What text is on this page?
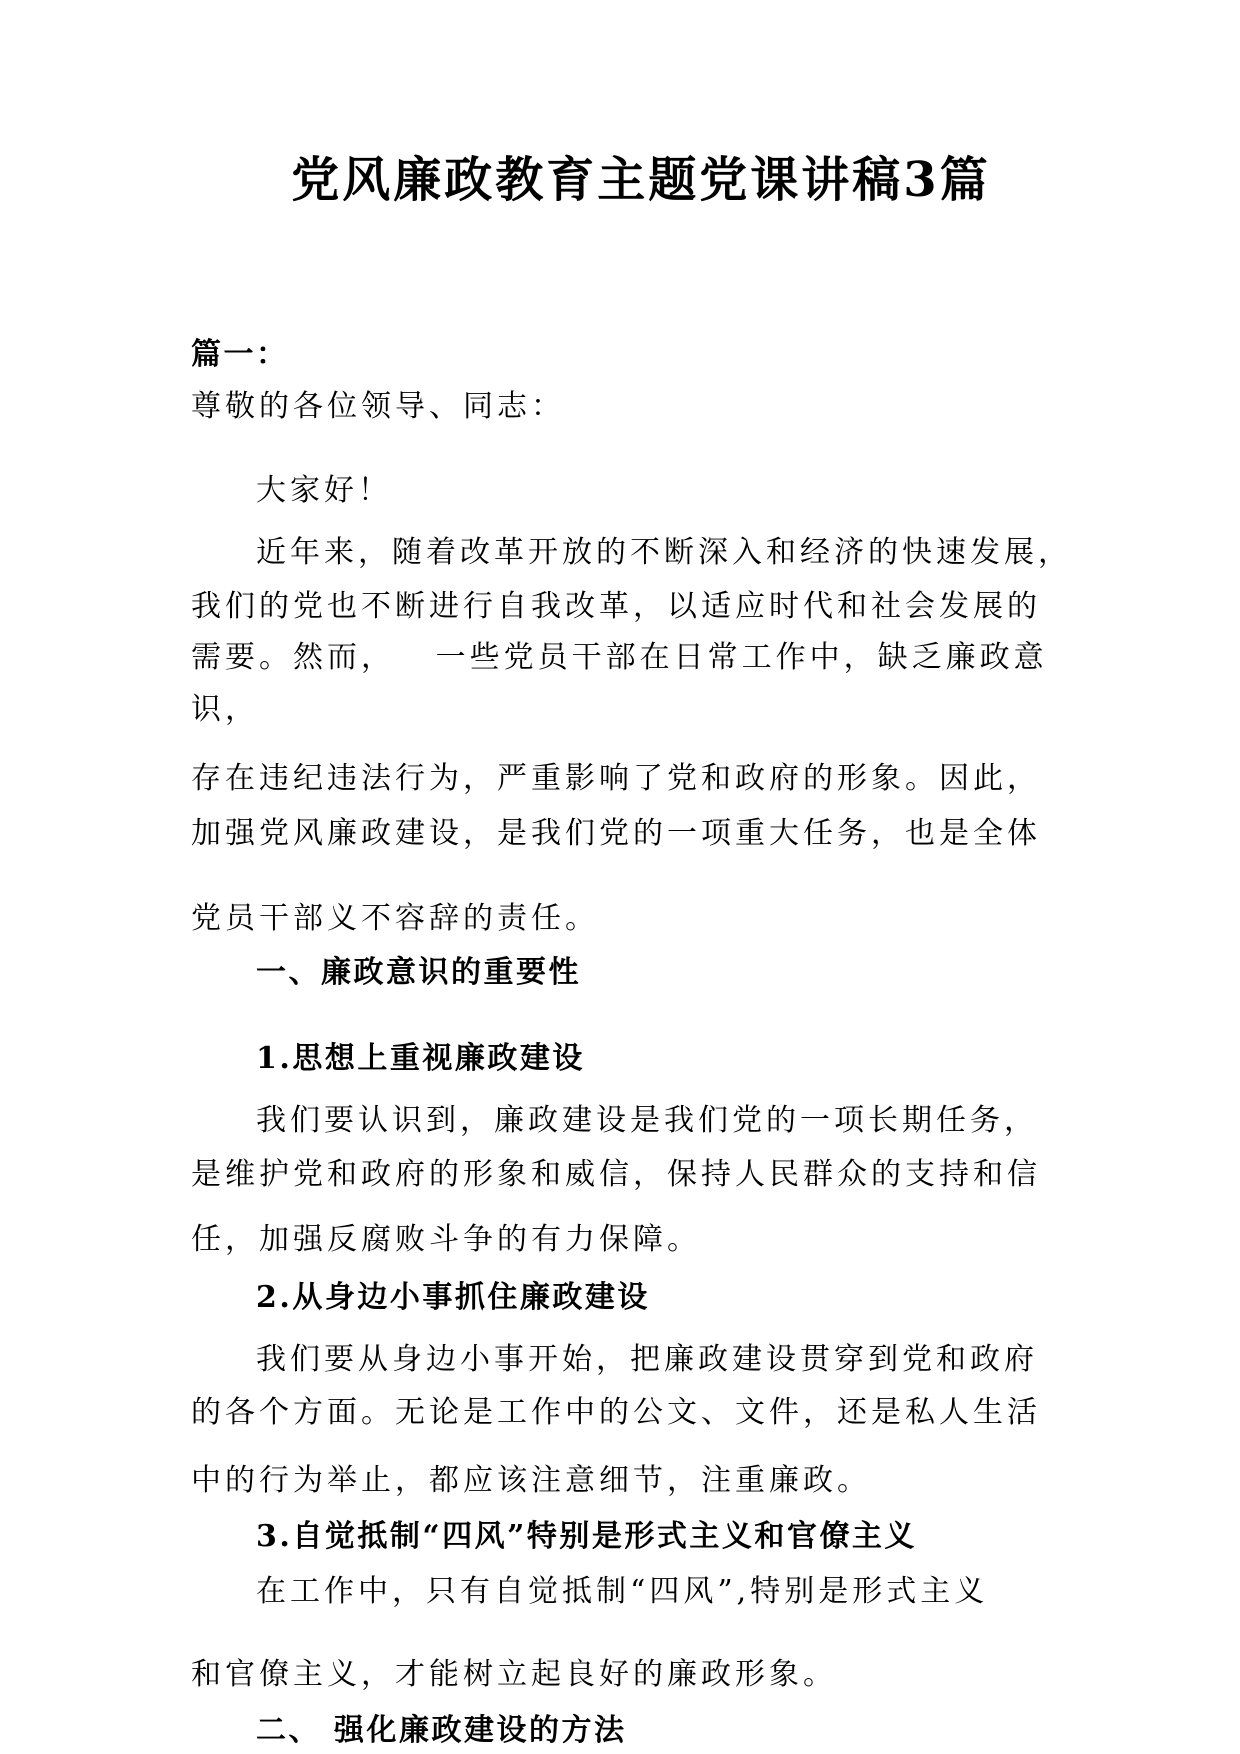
党风廉政教育主题党课讲稿3篇
篇一：
尊敬的各位领导、同志：
大家好！
近年来，随着改革开放的不断深入和经济的快速发展，
我们的党也不断进行自我改革，以适应时代和社会发展的
需要。然而，   一些党员干部在日常工作中，缺乏廉政意
识，
存在违纪违法行为，严重影响了党和政府的形象。因此，
加强党风廉政建设，是我们党的一项重大任务，也是全体
党员干部义不容辞的责任。
一、廉政意识的重要性
1.思想上重视廉政建设
我们要认识到，廉政建设是我们党的一项长期任务，
是维护党和政府的形象和威信，保持人民群众的支持和信
任，加强反腐败斗争的有力保障。
2.从身边小事抓住廉政建设
我们要从身边小事开始，把廉政建设贯穿到党和政府
的各个方面。无论是工作中的公文、文件，还是私人生活
中的行为举止，都应该注意细节，注重廉政。
3.自觉抵制“四风”特别是形式主义和官僚主义
在工作中，只有自觉抵制“四风”,特别是形式主义
和官僚主义，才能树立起良好的廉政形象。
二、 强化廉政建设的方法
